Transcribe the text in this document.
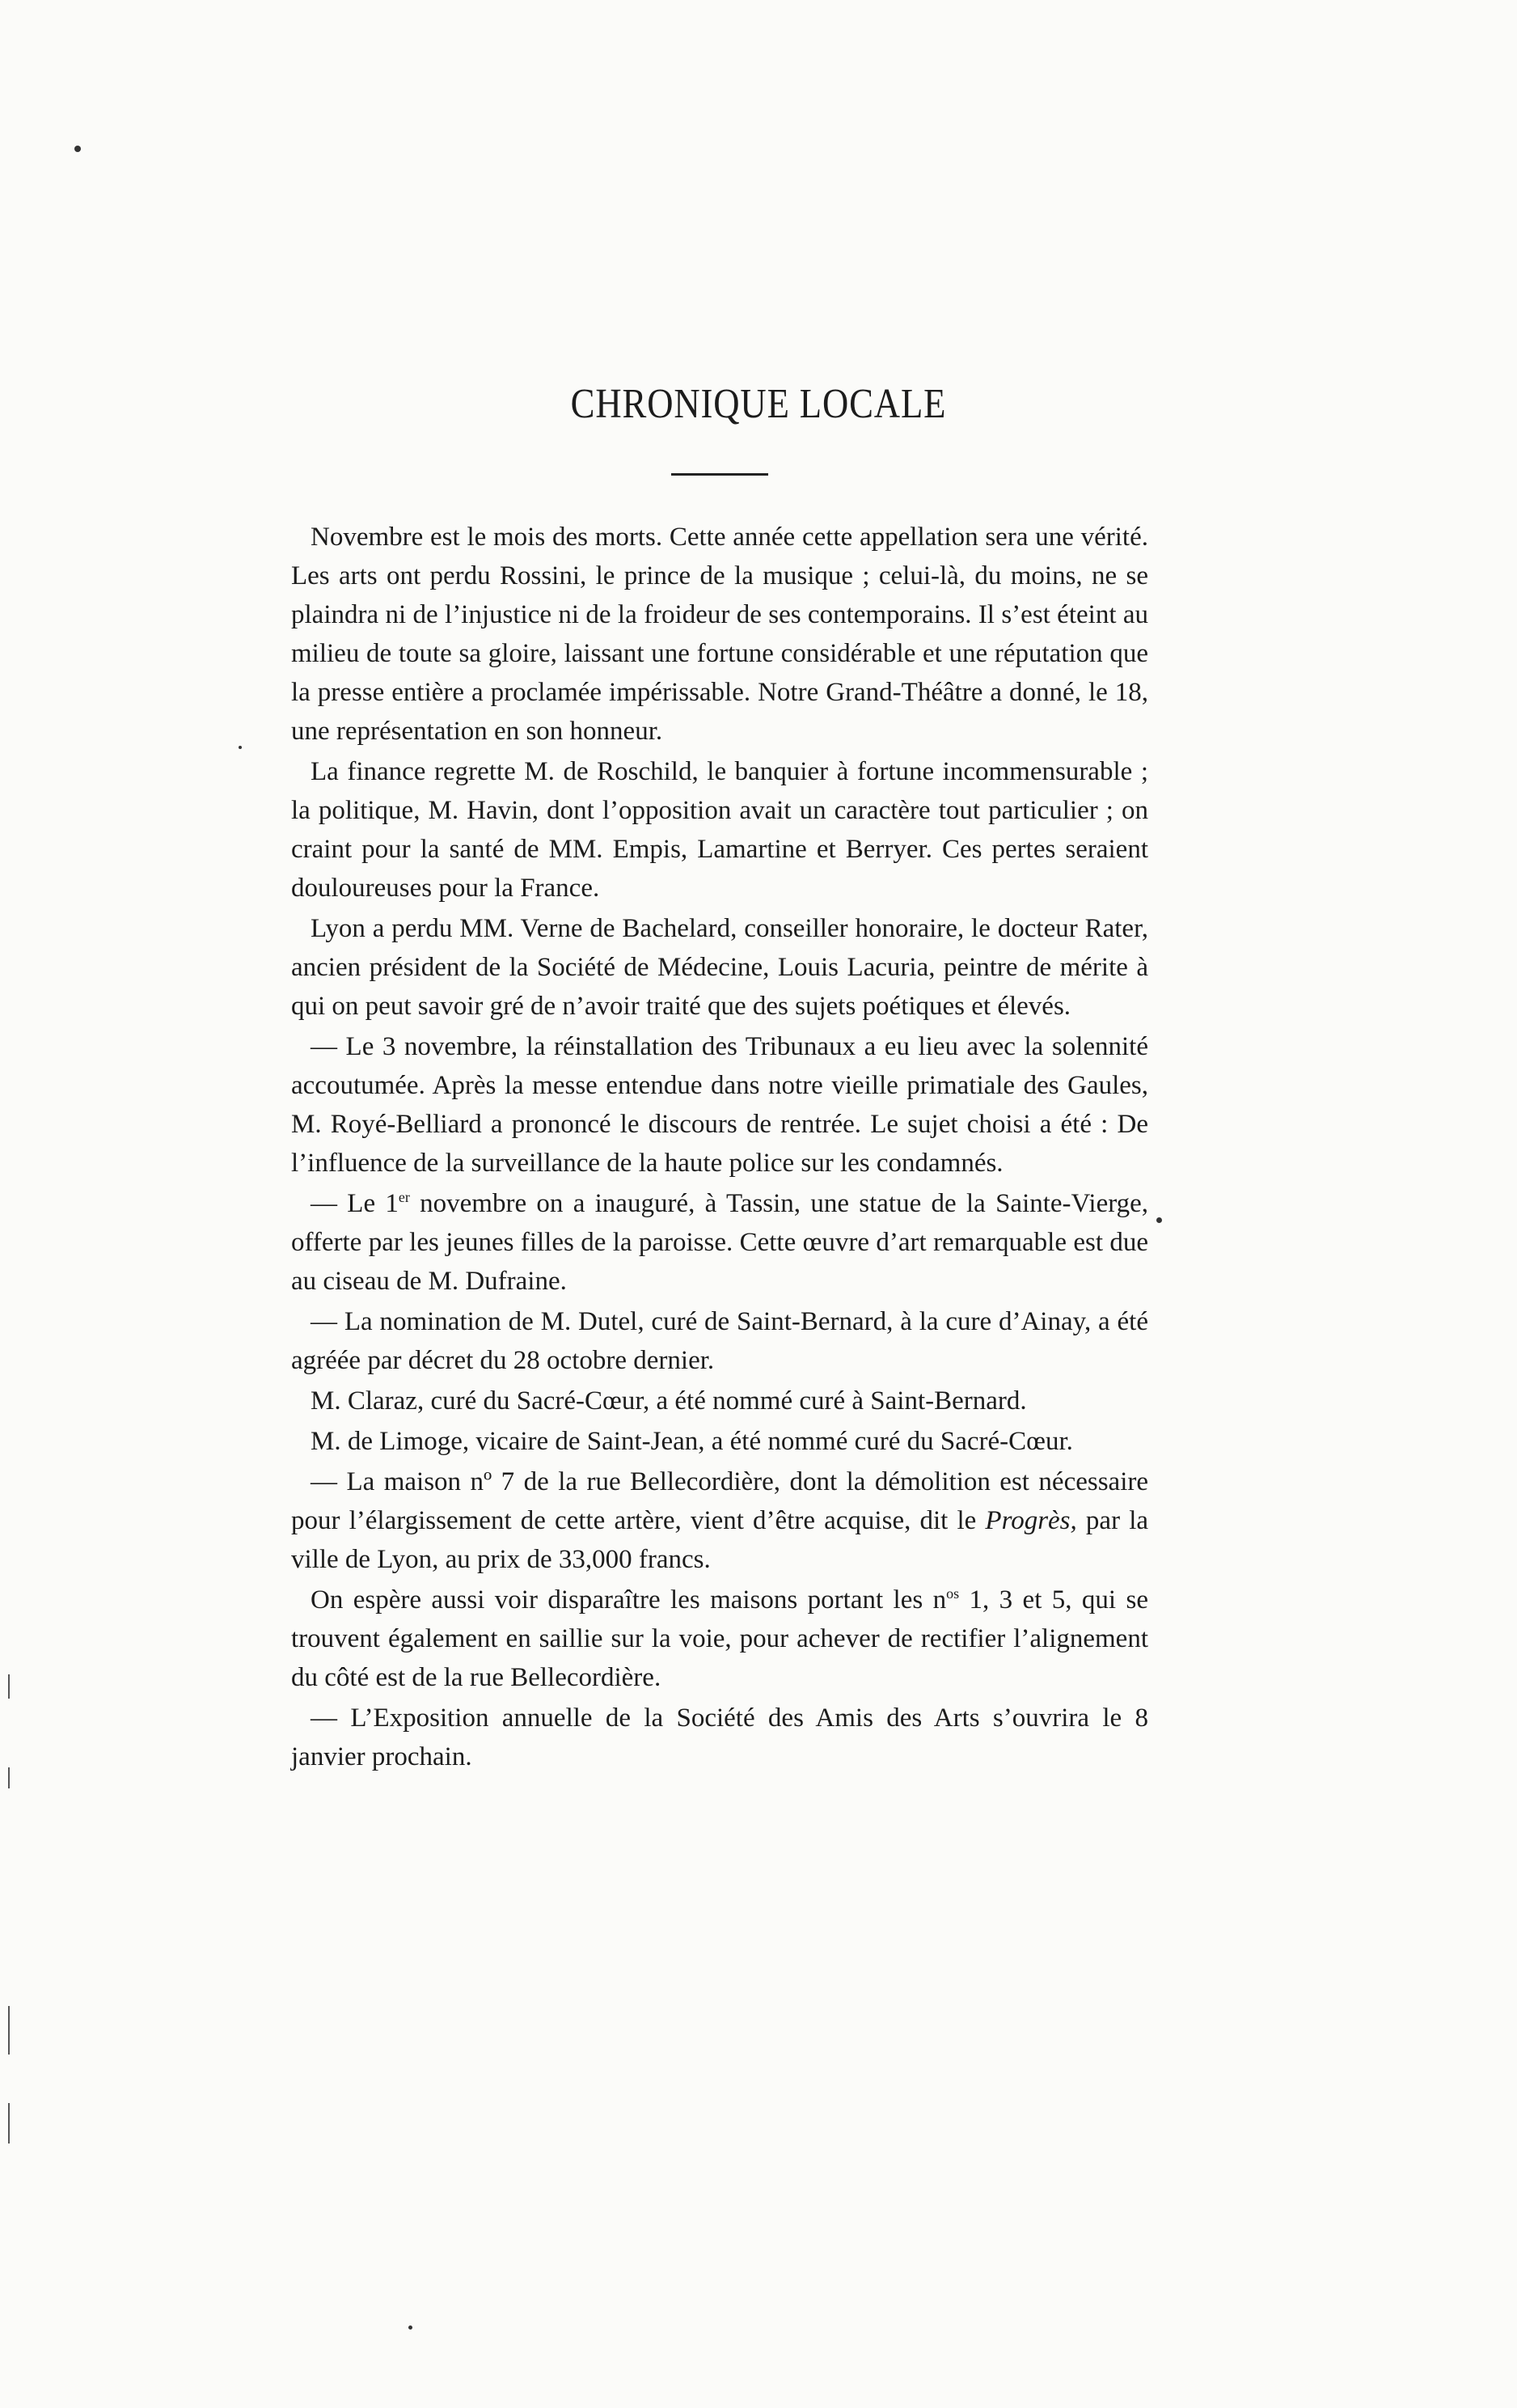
CHRONIQUE LOCALE

Novembre est le mois des morts. Cette année cette appellation sera une vérité. Les arts ont perdu Rossini, le prince de la musique ; celui-là, du moins, ne se plaindra ni de l’injustice ni de la froideur de ses contemporains. Il s’est éteint au milieu de toute sa gloire, laissant une fortune considérable et une réputation que la presse entière a proclamée impérissable. Notre Grand-Théâtre a donné, le 18, une représentation en son honneur.

La finance regrette M. de Roschild, le banquier à fortune incommensurable ; la politique, M. Havin, dont l’opposition avait un caractère tout particulier ; on craint pour la santé de MM. Empis, Lamartine et Berryer. Ces pertes seraient douloureuses pour la France.

Lyon a perdu MM. Verne de Bachelard, conseiller honoraire, le docteur Rater, ancien président de la Société de Médecine, Louis Lacuria, peintre de mérite à qui on peut savoir gré de n’avoir traité que des sujets poétiques et élevés.

— Le 3 novembre, la réinstallation des Tribunaux a eu lieu avec la solennité accoutumée. Après la messe entendue dans notre vieille primatiale des Gaules, M. Royé-Belliard a prononcé le discours de rentrée. Le sujet choisi a été : De l’influence de la surveillance de la haute police sur les condamnés.

— Le 1er novembre on a inauguré, à Tassin, une statue de la Sainte-Vierge, offerte par les jeunes filles de la paroisse. Cette œuvre d’art remarquable est due au ciseau de M. Dufraine.

— La nomination de M. Dutel, curé de Saint-Bernard, à la cure d’Ainay, a été agréée par décret du 28 octobre dernier.

M. Claraz, curé du Sacré-Cœur, a été nommé curé à Saint-Bernard.

M. de Limoge, vicaire de Saint-Jean, a été nommé curé du Sacré-Cœur.

— La maison nº 7 de la rue Bellecordière, dont la démolition est nécessaire pour l’élargissement de cette artère, vient d’être acquise, dit le Progrès, par la ville de Lyon, au prix de 33,000 francs.

On espère aussi voir disparaître les maisons portant les $n^{os}$ 1, 3 et 5, qui se trouvent également en saillie sur la voie, pour achever de rectifier l’alignement du côté est de la rue Bellecordière.

— L’Exposition annuelle de la Société des Amis des Arts s’ouvrira le 8 janvier prochain.
